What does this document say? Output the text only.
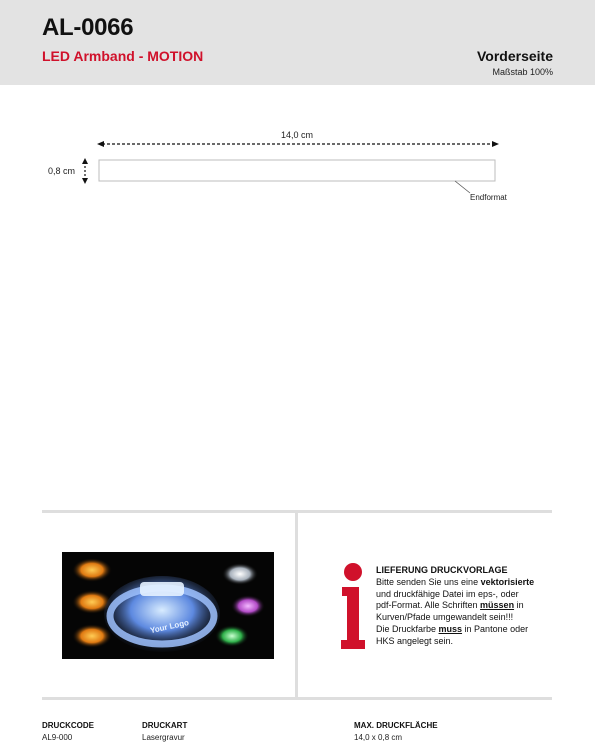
AL-0066
LED Armband - MOTION	Vorderseite
Maßstab 100%
14,0 cm
0,8 cm
Endformat
Your Logo
LIEFERUNG DRUCKVORLAGE
Bitte senden Sie uns eine vektorisierte
und druckfähige Datei im eps-, oder
pdf-Format. Alle Schriften müssen in
Kurven/Pfade umgewandelt sein!!!
Die Druckfarbe muss in Pantone oder
HKS angelegt sein.
DRUCKCODE
AL9-000
DRUCKART
Lasergravur
MAX. DRUCKFLÄCHE
14,0 x 0,8 cm
